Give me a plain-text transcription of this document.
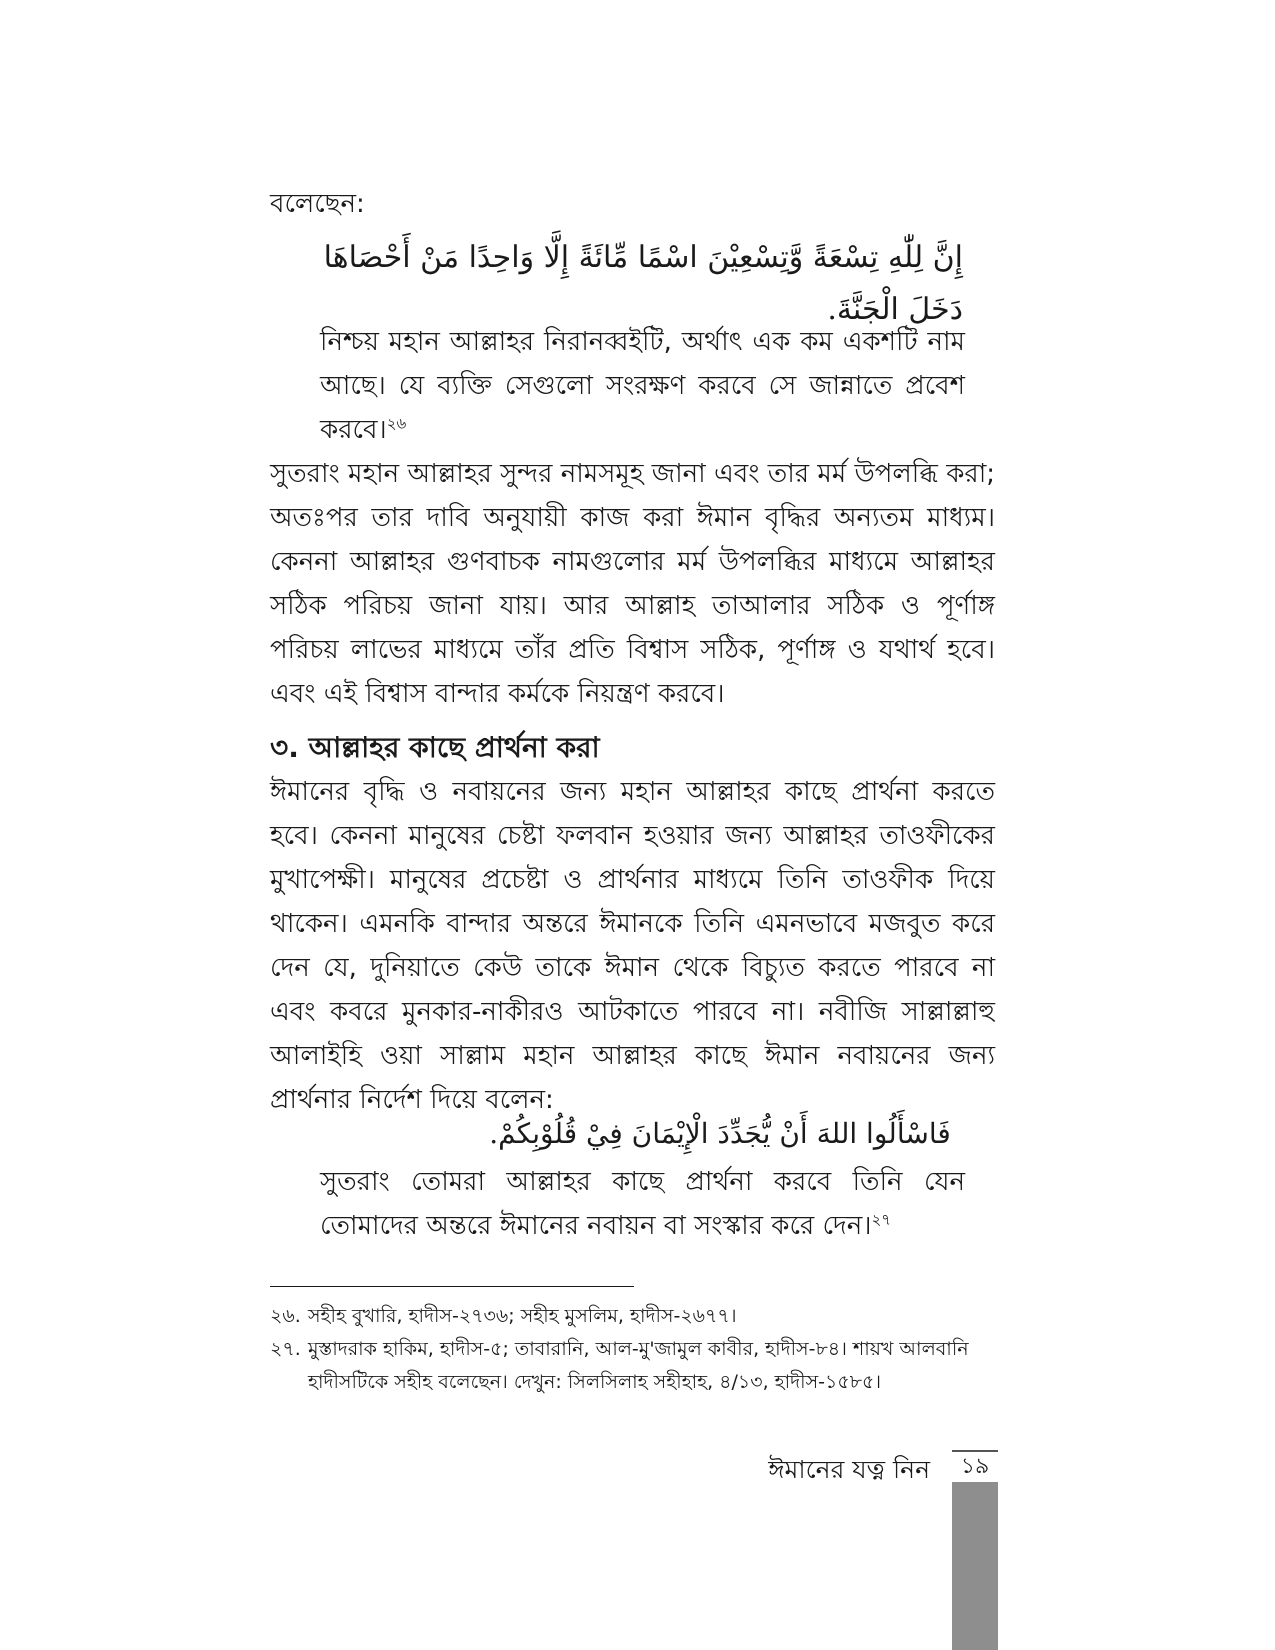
বলেছেন:
إِنَّ لِلّٰهِ تِسْعَةً وَّتِسْعِيْنَ اسْمًا مِّائَةً إِلَّا وَاحِدًا مَنْ أَحْصَاهَا دَخَلَ الْجَنَّةَ.
নিশ্চয় মহান আল্লাহর নিরানব্বইটি, অর্থাৎ এক কম একশটি নাম আছে। যে ব্যক্তি সেগুলো সংরক্ষণ করবে সে জান্নাতে প্রবেশ করবে।$^{২৬}$
সুতরাং মহান আল্লাহর সুন্দর নামসমূহ জানা এবং তার মর্ম উপলব্ধি করা; অতঃপর তার দাবি অনুযায়ী কাজ করা ঈমান বৃদ্ধির অন্যতম মাধ্যম। কেননা আল্লাহর গুণবাচক নামগুলোর মর্ম উপলব্ধির মাধ্যমে আল্লাহর সঠিক পরিচয় জানা যায়। আর আল্লাহ তাআলার সঠিক ও পূর্ণাঙ্গ পরিচয় লাভের মাধ্যমে তাঁর প্রতি বিশ্বাস সঠিক, পূর্ণাঙ্গ ও যথার্থ হবে। এবং এই বিশ্বাস বান্দার কর্মকে নিয়ন্ত্রণ করবে।
৩. আল্লাহর কাছে প্রার্থনা করা
ঈমানের বৃদ্ধি ও নবায়নের জন্য মহান আল্লাহর কাছে প্রার্থনা করতে হবে। কেননা মানুষের চেষ্টা ফলবান হওয়ার জন্য আল্লাহর তাওফীকের মুখাপেক্ষী। মানুষের প্রচেষ্টা ও প্রার্থনার মাধ্যমে তিনি তাওফীক দিয়ে থাকেন। এমনকি বান্দার অন্তরে ঈমানকে তিনি এমনভাবে মজবুত করে দেন যে, দুনিয়াতে কেউ তাকে ঈমান থেকে বিচ্যুত করতে পারবে না এবং কবরে মুনকার-নাকীরও আটকাতে পারবে না। নবীজি সাল্লাল্লাহু আলাইহি ওয়া সাল্লাম মহান আল্লাহর কাছে ঈমান নবায়নের জন্য প্রার্থনার নির্দেশ দিয়ে বলেন:
فَاسْأَلُوا اللهَ أَنْ يُّجَدِّدَ الْإِيْمَانَ فِيْ قُلُوْبِكُمْ.
সুতরাং তোমরা আল্লাহর কাছে প্রার্থনা করবে তিনি যেন তোমাদের অন্তরে ঈমানের নবায়ন বা সংস্কার করে দেন।$^{২৭}$
২৬. সহীহ বুখারি, হাদীস-২৭৩৬; সহীহ মুসলিম, হাদীস-২৬৭৭।
২৭. মুস্তাদরাক হাকিম, হাদীস-৫; তাবারানি, আল-মু'জামুল কাবীর, হাদীস-৮৪। শায়খ আলবানি হাদীসটিকে সহীহ বলেছেন। দেখুন: সিলসিলাহ সহীহাহ, ৪/১৩, হাদীস-১৫৮৫।
ঈমানের যত্ন নিন	১৯
